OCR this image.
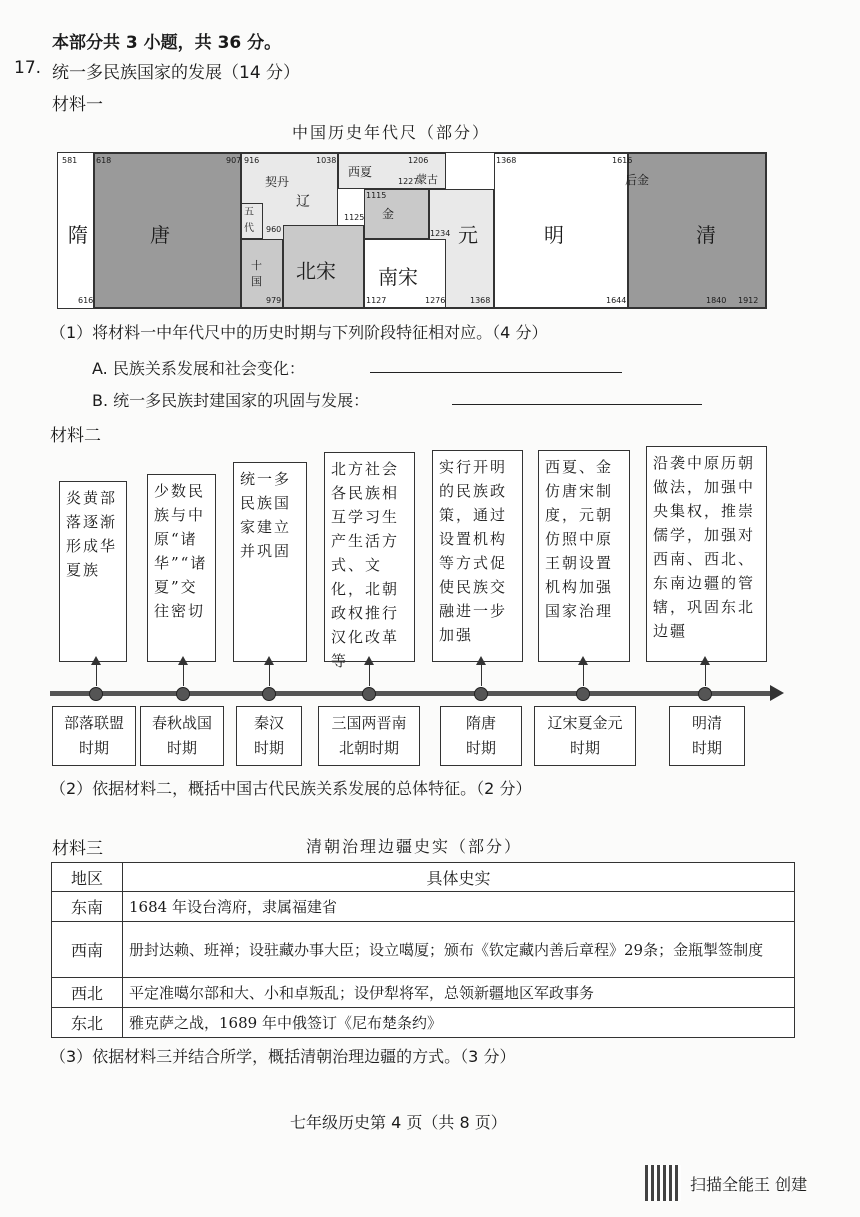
本部分共 3 小题，共 36 分。
17. 统一多民族国家的发展（14 分）
材料一
中国历史年代尺（部分）
隋	唐
契丹
辽
西夏
蒙古
金
元
五代
十国 北宋 南宋
明
后金
清
581 618
616
907 916	1038	1206
1227
1115
1125
1234
960
979	1127	1276	1368
1368	1616
1644	1840 1912
（1）将材料一中年代尺中的历史时期与下列阶段特征相对应。（4 分）
A. 民族关系发展和社会变化：
B. 统一多民族封建国家的巩固与发展：
材料二
炎黄部落逐渐形成华夏族
少数民族与中原“诸华”“诸夏”交往密切
统一多民族国家建立并巩固
北方社会各民族相互学习生产生活方式、文化，北朝政权推行汉化改革等
实行开明的民族政策，通过设置机构等方式促使民族交融进一步加强
西夏、金仿唐宋制度，元朝仿照中原王朝设置机构加强国家治理
沿袭中原历朝做法，加强中央集权，推崇儒学，加强对西南、西北、东南边疆的管辖，巩固东北边疆
部落联盟
时期
春秋战国
时期
秦汉
时期
三国两晋南
北朝时期
隋唐
时期
辽宋夏金元
时期
明清
时期
（2）依据材料二，概括中国古代民族关系发展的总体特征。（2 分）
材料三	清朝治理边疆史实（部分）
地区	具体史实
东南	1684 年设台湾府，隶属福建省
西南	册封达赖、班禅；设驻藏办事大臣；设立噶厦；颁布《钦定藏内善后章程》29条；金瓶掣签制度
西北	平定准噶尔部和大、小和卓叛乱；设伊犁将军，总领新疆地区军政事务
东北	雅克萨之战，1689 年中俄签订《尼布楚条约》
（3）依据材料三并结合所学，概括清朝治理边疆的方式。（3 分）
七年级历史第 4 页（共 8 页）
扫描全能王 创建
